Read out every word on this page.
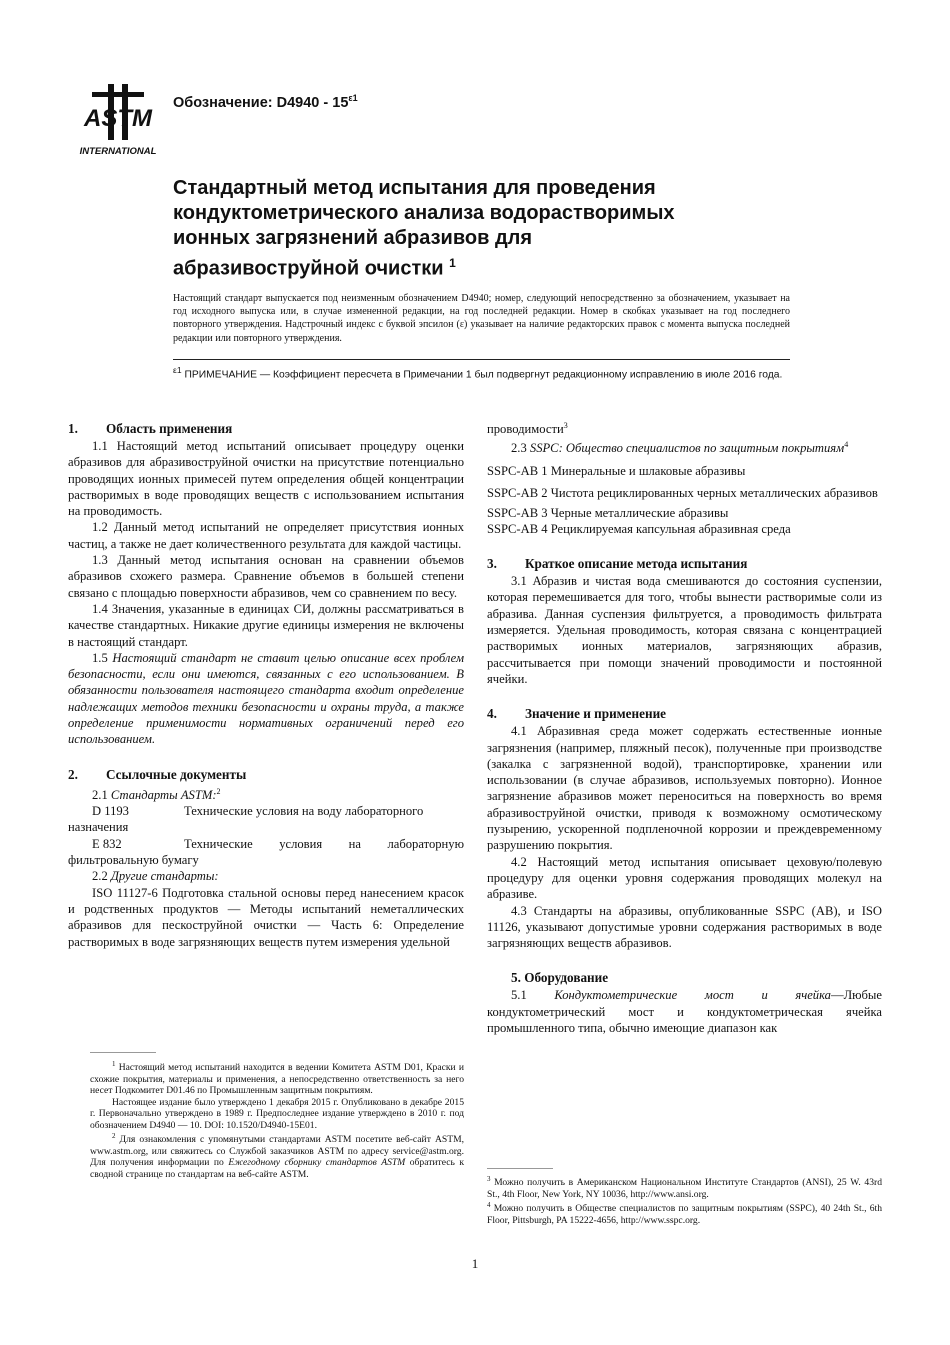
ASTM
INTERNATIONAL
Обозначение: $D4940 - 15^{\varepsilon 1}$
Стандартный метод испытания для проведения
кондуктометрического анализа водорастворимых
ионных загрязнений абразивов для
абразивоструйной очистки $^1$

Настоящий стандарт выпускается под неизменным обозначением D4940; номер, следующий непосредственно за обозначением, указывает на год исходного выпуска или, в случае измененной редакции, на год последней редакции. Номер в скобках указывает на год последнего повторного утверждения. Надстрочный индекс с буквой эпсилон (ε) указывает на наличие редакторских правок с момента выпуска последней редакции или повторного утверждения.

$^{\varepsilon 1}$ ПРИМЕЧАНИЕ — Коэффициент пересчета в Примечании 1 был подвергнут редакционному исправлению в июле 2016 года.
1. Область применения

1.1 Настоящий метод испытаний описывает процедуру оценки абразивов для абразивоструйной очистки на присутствие потенциально проводящих ионных примесей путем определения общей концентрации растворимых в воде проводящих веществ с использованием испытания на проводимость.

1.2 Данный метод испытаний не определяет присутствия ионных частиц, а также не дает количественного результата для каждой частицы.

1.3 Данный метод испытания основан на сравнении объемов абразивов схожего размера. Сравнение объемов в большей степени связано с площадью поверхности абразивов, чем со сравнением по весу.

1.4 Значения, указанные в единицах СИ, должны рассматриваться в качестве стандартных. Никакие другие единицы измерения не включены в настоящий стандарт.

1.5 Настоящий стандарт не ставит целью описание всех проблем безопасности, если они имеются, связанных с его использованием. В обязанности пользователя настоящего стандарта входит определение надлежащих методов техники безопасности и охраны труда, а также определение применимости нормативных ограничений перед его использованием.

2. Ссылочные документы

2.1 Стандарты ASTM:$^2$

D 1193	Технические условия на воду лабораторного

назначения

E 832	Технические условия на лабораторную

фильтровальную бумагу

2.2 Другие стандарты:

ISO 11127-6 Подготовка стальной основы перед нанесением красок и родственных продуктов — Методы испытаний неметаллических абразивов для пескоструйной очистки — Часть 6: Определение растворимых в воде загрязняющих веществ путем измерения удельной

$^1$ Настоящий метод испытаний находится в ведении Комитета ASTM D01, Краски и схожие покрытия, материалы и применения, а непосредственно ответственность за него несет Подкомитет D01.46 по Промышленным защитным покрытиям.

Настоящее издание было утверждено 1 декабря 2015 г. Опубликовано в декабре 2015 г. Первоначально утверждено в 1989 г. Предпоследнее издание утверждено в 2010 г. под обозначением D4940 — 10. DOI: 10.1520/D4940-15E01.

$^2$ Для ознакомления с упомянутыми стандартами ASTM посетите веб-сайт ASTM, www.astm.org, или свяжитесь со Службой заказчиков ASTM по адресу service@astm.org. Для получения информации по Ежегодному сборнику стандартов ASTM обратитесь к сводной странице по стандартам на веб-сайте ASTM.

проводимости$^3$

2.3 SSPC: Общество специалистов по защитным покрытиям$^4$

SSPC-AB 1 Минеральные и шлаковые абразивы

SSPC-AB 2 Чистота рециклированных черных металлических абразивов

SSPC-AB 3 Черные металлические абразивы

SSPC-AB 4 Рециклируемая капсульная абразивная среда

3. Краткое описание метода испытания

3.1 Абразив и чистая вода смешиваются до состояния суспензии, которая перемешивается для того, чтобы вынести растворимые соли из абразива. Данная суспензия фильтруется, а проводимость фильтрата измеряется. Удельная проводимость, которая связана с концентрацией растворимых ионных материалов, загрязняющих абразив, рассчитывается при помощи значений проводимости и постоянной ячейки.

4. Значение и применение

4.1 Абразивная среда может содержать естественные ионные загрязнения (например, пляжный песок), полученные при производстве (закалка с загрязненной водой), транспортировке, хранении или использовании (в случае абразивов, используемых повторно). Ионное загрязнение абразивов может переноситься на поверхность во время абразивоструйной очистки, приводя к возможному осмотическому пузырению, ускоренной подпленочной коррозии и преждевременному разрушению покрытия.

4.2 Настоящий метод испытания описывает цеховую/полевую процедуру для оценки уровня содержания проводящих молекул на абразиве.

4.3 Стандарты на абразивы, опубликованные SSPC (AB), и ISO 11126, указывают допустимые уровни содержания растворимых в воде загрязняющих веществ абразивов.

5. Оборудование

5.1 Кондуктометрические мост и ячейка—Любые кондуктометрический мост и кондуктометрическая ячейка промышленного типа, обычно имеющие диапазон как

$^3$ Можно получить в Американском Национальном Институте Стандартов (ANSI), 25 W. 43rd St., 4th Floor, New York, NY 10036, http://www.ansi.org.

$^4$ Можно получить в Обществе специалистов по защитным покрытиям (SSPC), 40 24th St., 6th Floor, Pittsburgh, PA 15222-4656, http://www.sspc.org.

1
